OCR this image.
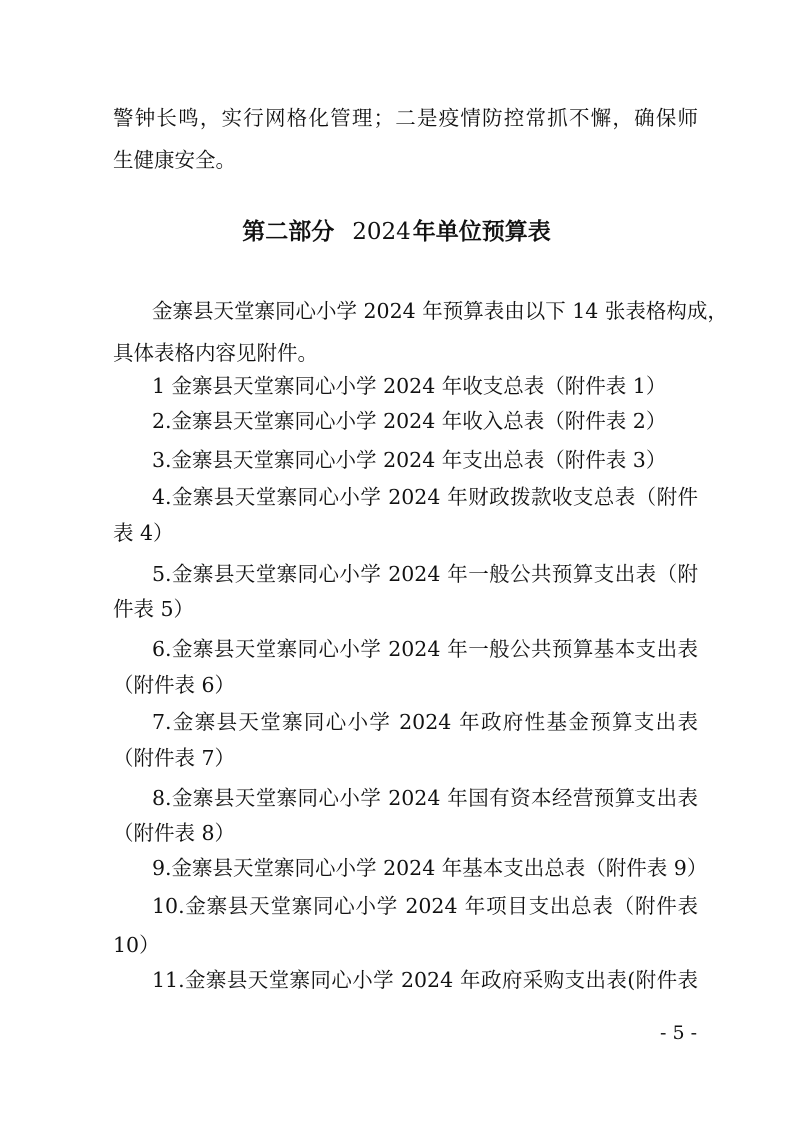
警钟长鸣，实行网格化管理；二是疫情防控常抓不懈，确保师
生健康安全。
第二部分 2024年单位预算表
金寨县天堂寨同心小学 2024 年预算表由以下 14 张表格构成，
具体表格内容见附件。
1 金寨县天堂寨同心小学 2024 年收支总表（附件表 1）
2.金寨县天堂寨同心小学 2024 年收入总表（附件表 2）
3.金寨县天堂寨同心小学 2024 年支出总表（附件表 3）
4.金寨县天堂寨同心小学 2024 年财政拨款收支总表（附件
表 4）
5.金寨县天堂寨同心小学 2024 年一般公共预算支出表（附
件表 5）
6.金寨县天堂寨同心小学 2024 年一般公共预算基本支出表
（附件表 6）
7.金寨县天堂寨同心小学 2024 年政府性基金预算支出表
（附件表 7）
8.金寨县天堂寨同心小学 2024 年国有资本经营预算支出表
（附件表 8）
9.金寨县天堂寨同心小学 2024 年基本支出总表（附件表 9）
10.金寨县天堂寨同心小学 2024 年项目支出总表（附件表
10）
11.金寨县天堂寨同心小学 2024 年政府采购支出表(附件表
- 5 -
